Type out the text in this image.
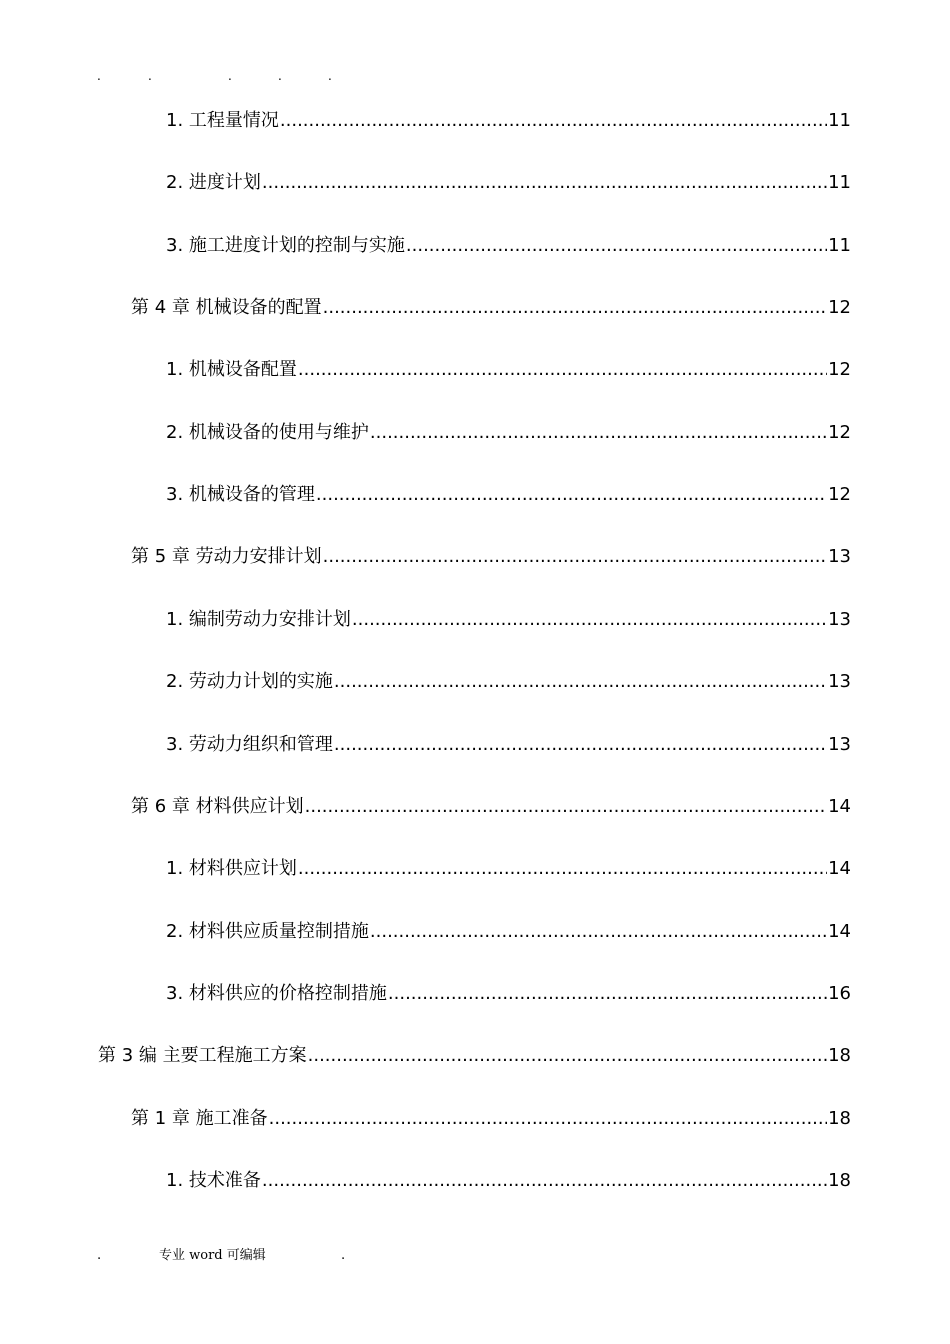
.	.	.	.	.
1. 工程量情况 .....	11
2. 进度计划 .....	11
3. 施工进度计划的控制与实施 .....	11
第 4 章 机械设备的配置 .....	12
1. 机械设备配置 .....	12
2. 机械设备的使用与维护 .....	12
3. 机械设备的管理 .....	12
第 5 章 劳动力安排计划 .....	13
1. 编制劳动力安排计划 .....	13
2. 劳动力计划的实施 .....	13
3. 劳动力组织和管理 .....	13
第 6 章 材料供应计划 .....	14
1. 材料供应计划 .....	14
2. 材料供应质量控制措施 .....	14
3. 材料供应的价格控制措施 .....	16
第 3 编 主要工程施工方案 .....	18
第 1 章 施工准备 .....	18
1. 技术准备 .....	18
.	专业 word 可编辑	.
